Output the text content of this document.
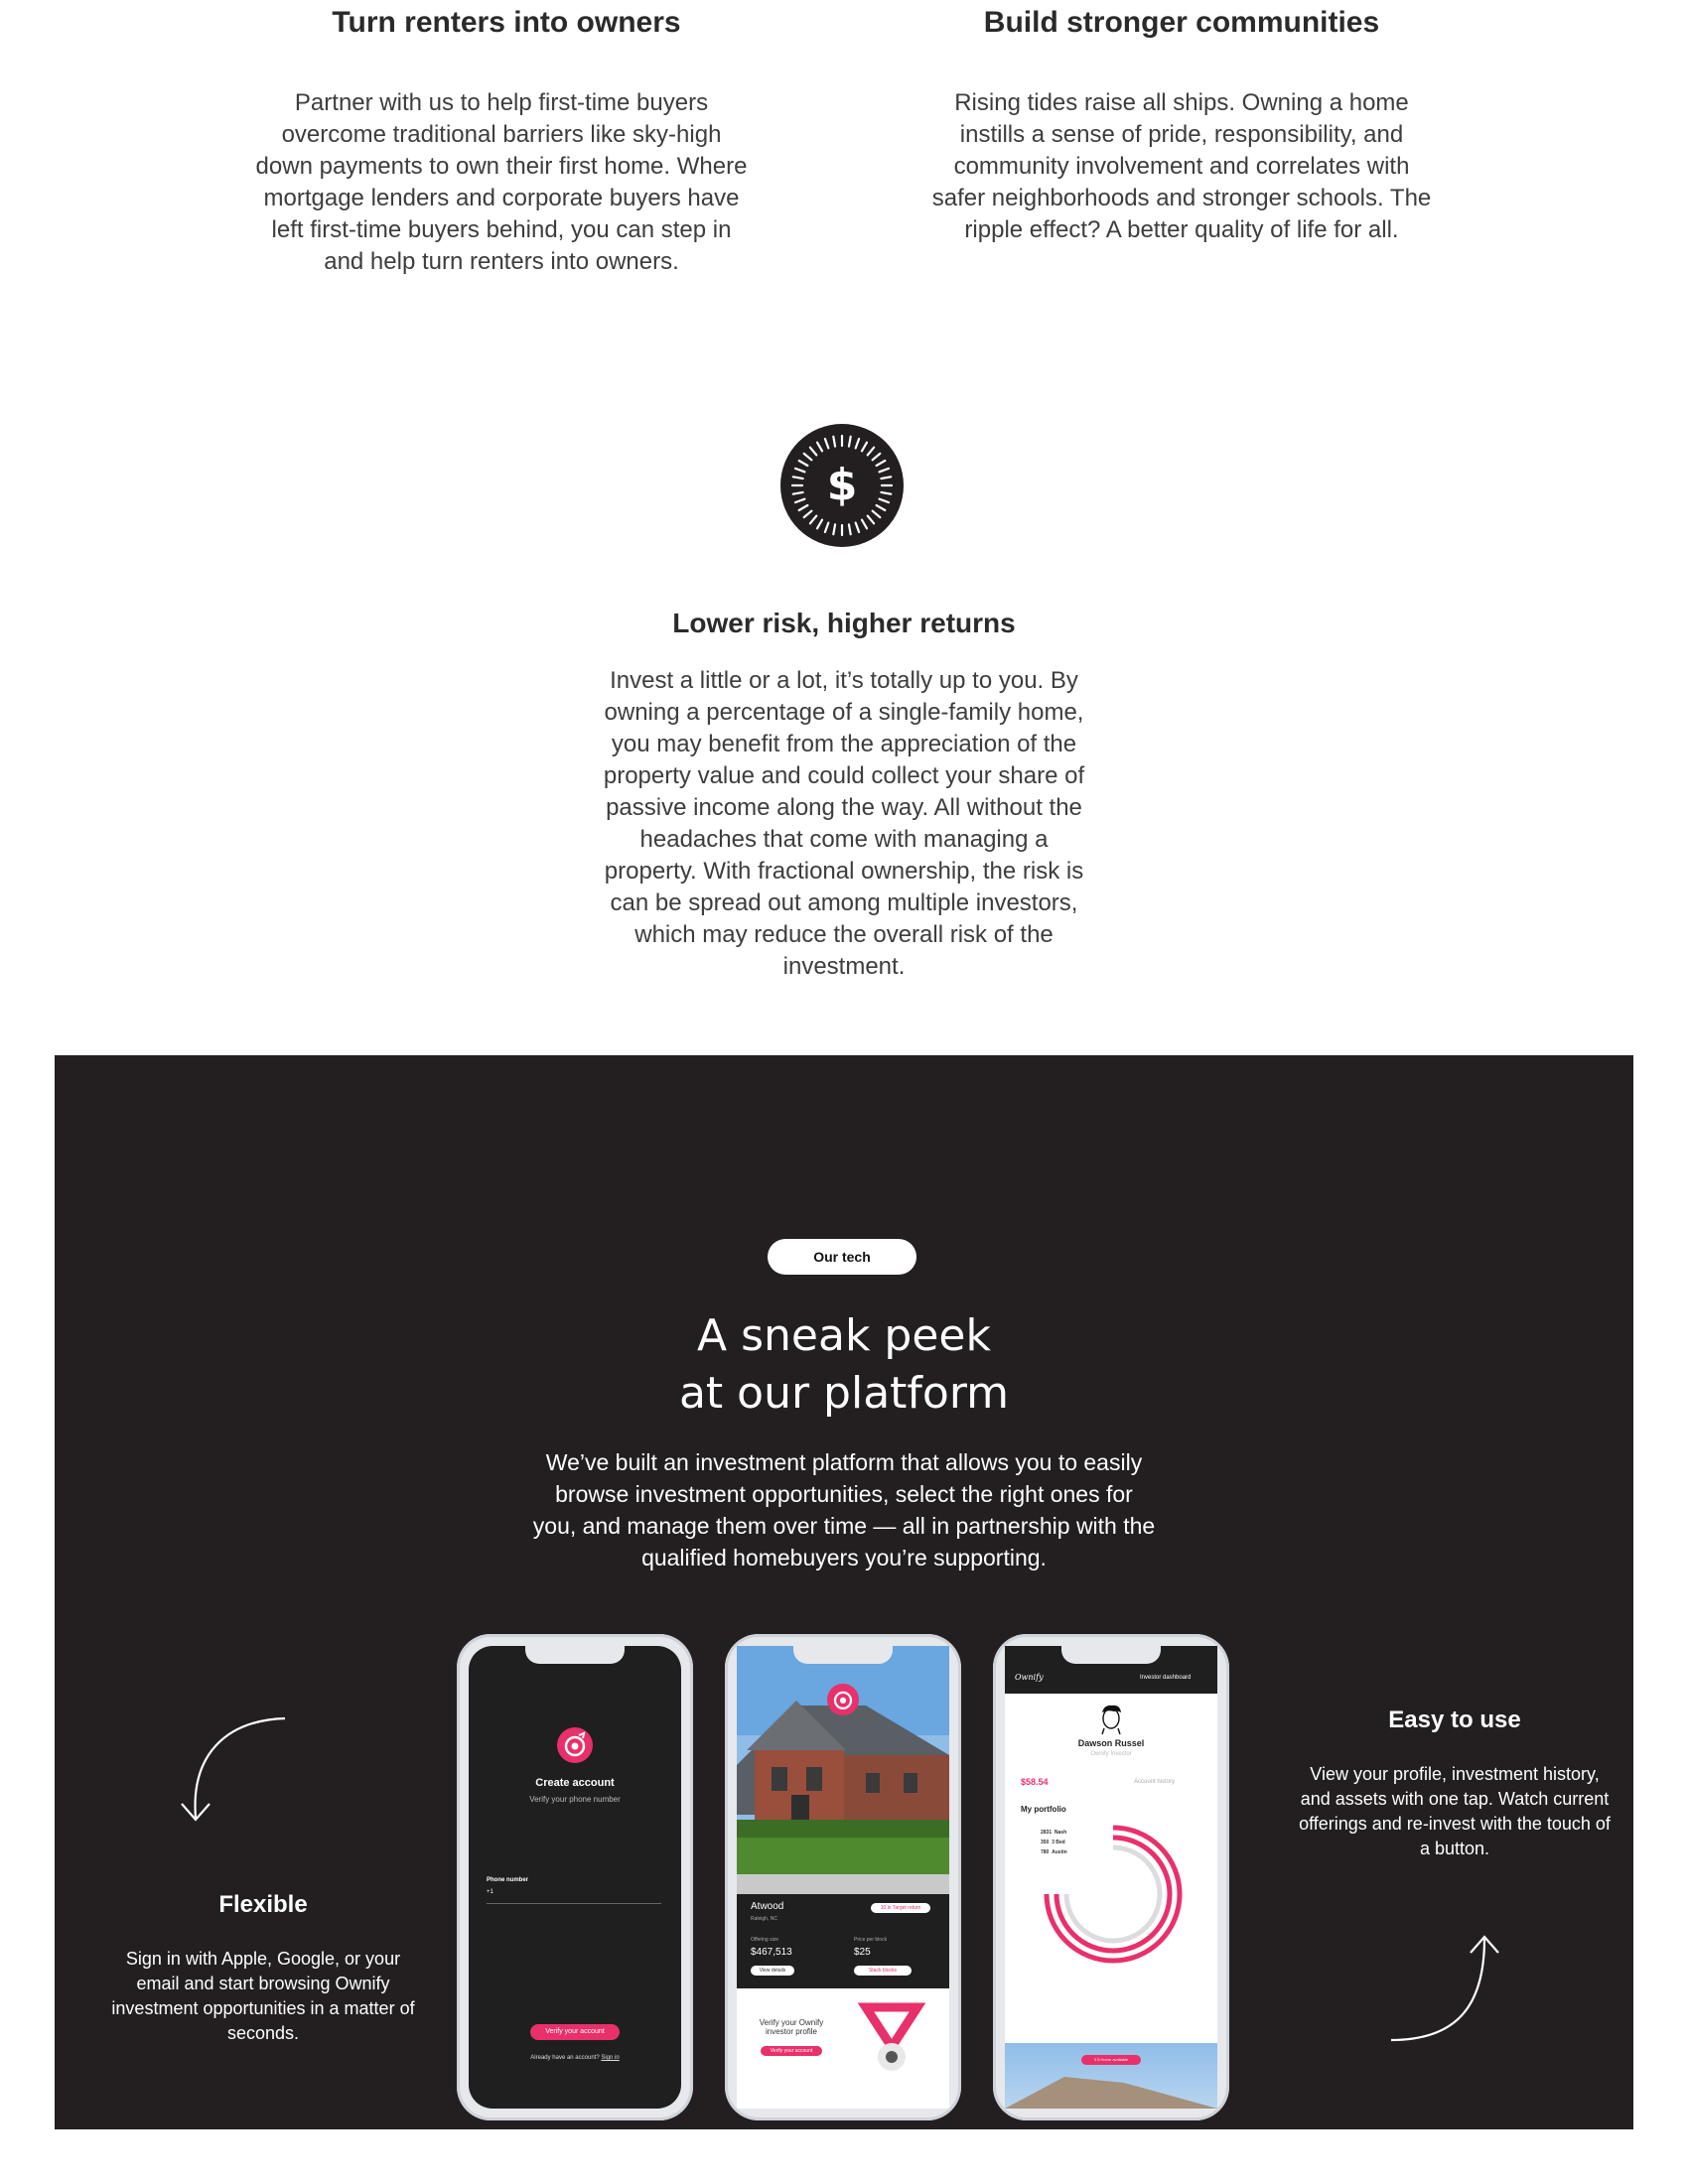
Turn renters into owners
Partner with us to help first-time buyers overcome traditional barriers like sky-high down payments to own their first home. Where mortgage lenders and corporate buyers have left first-time buyers behind, you can step in and help turn renters into owners.
Build stronger communities
Rising tides raise all ships. Owning a home instills a sense of pride, responsibility, and community involvement and correlates with safer neighborhoods and stronger schools. The ripple effect? A better quality of life for all.
$
Lower risk, higher returns
Invest a little or a lot, it’s totally up to you. By owning a percentage of a single-family home, you may benefit from the appreciation of the property value and could collect your share of passive income along the way. All without the headaches that come with managing a property. With fractional ownership, the risk is can be spread out among multiple investors, which may reduce the overall risk of the investment.
Our tech
A sneak peek
at our platform
We’ve built an investment platform that allows you to easily browse investment opportunities, select the right ones for you, and manage them over time — all in partnership with the qualified homebuyers you’re supporting.
Flexible
Sign in with Apple, Google, or your email and start browsing Ownify investment opportunities in a matter of seconds.
Easy to use
View your profile, investment history, and assets with one tap. Watch current offerings and re-invest with the touch of a button.
Create account
Verify your phone number
Phone number
+1
Verify your account
Already have an account? Sign in
Atwood
Raleigh, NC
10 in Target return
Offering size
$467,513
Price per block
$25
View details	Stack blocks
Verify your Ownify investor profile
Verify your account
Ownify	Investor dashboard
Dawson Russel
Ownify Investor
$58.54	Account history
My portfolio
2831 Nash
350 3 Bed
780 Austin
5 5 Home available
